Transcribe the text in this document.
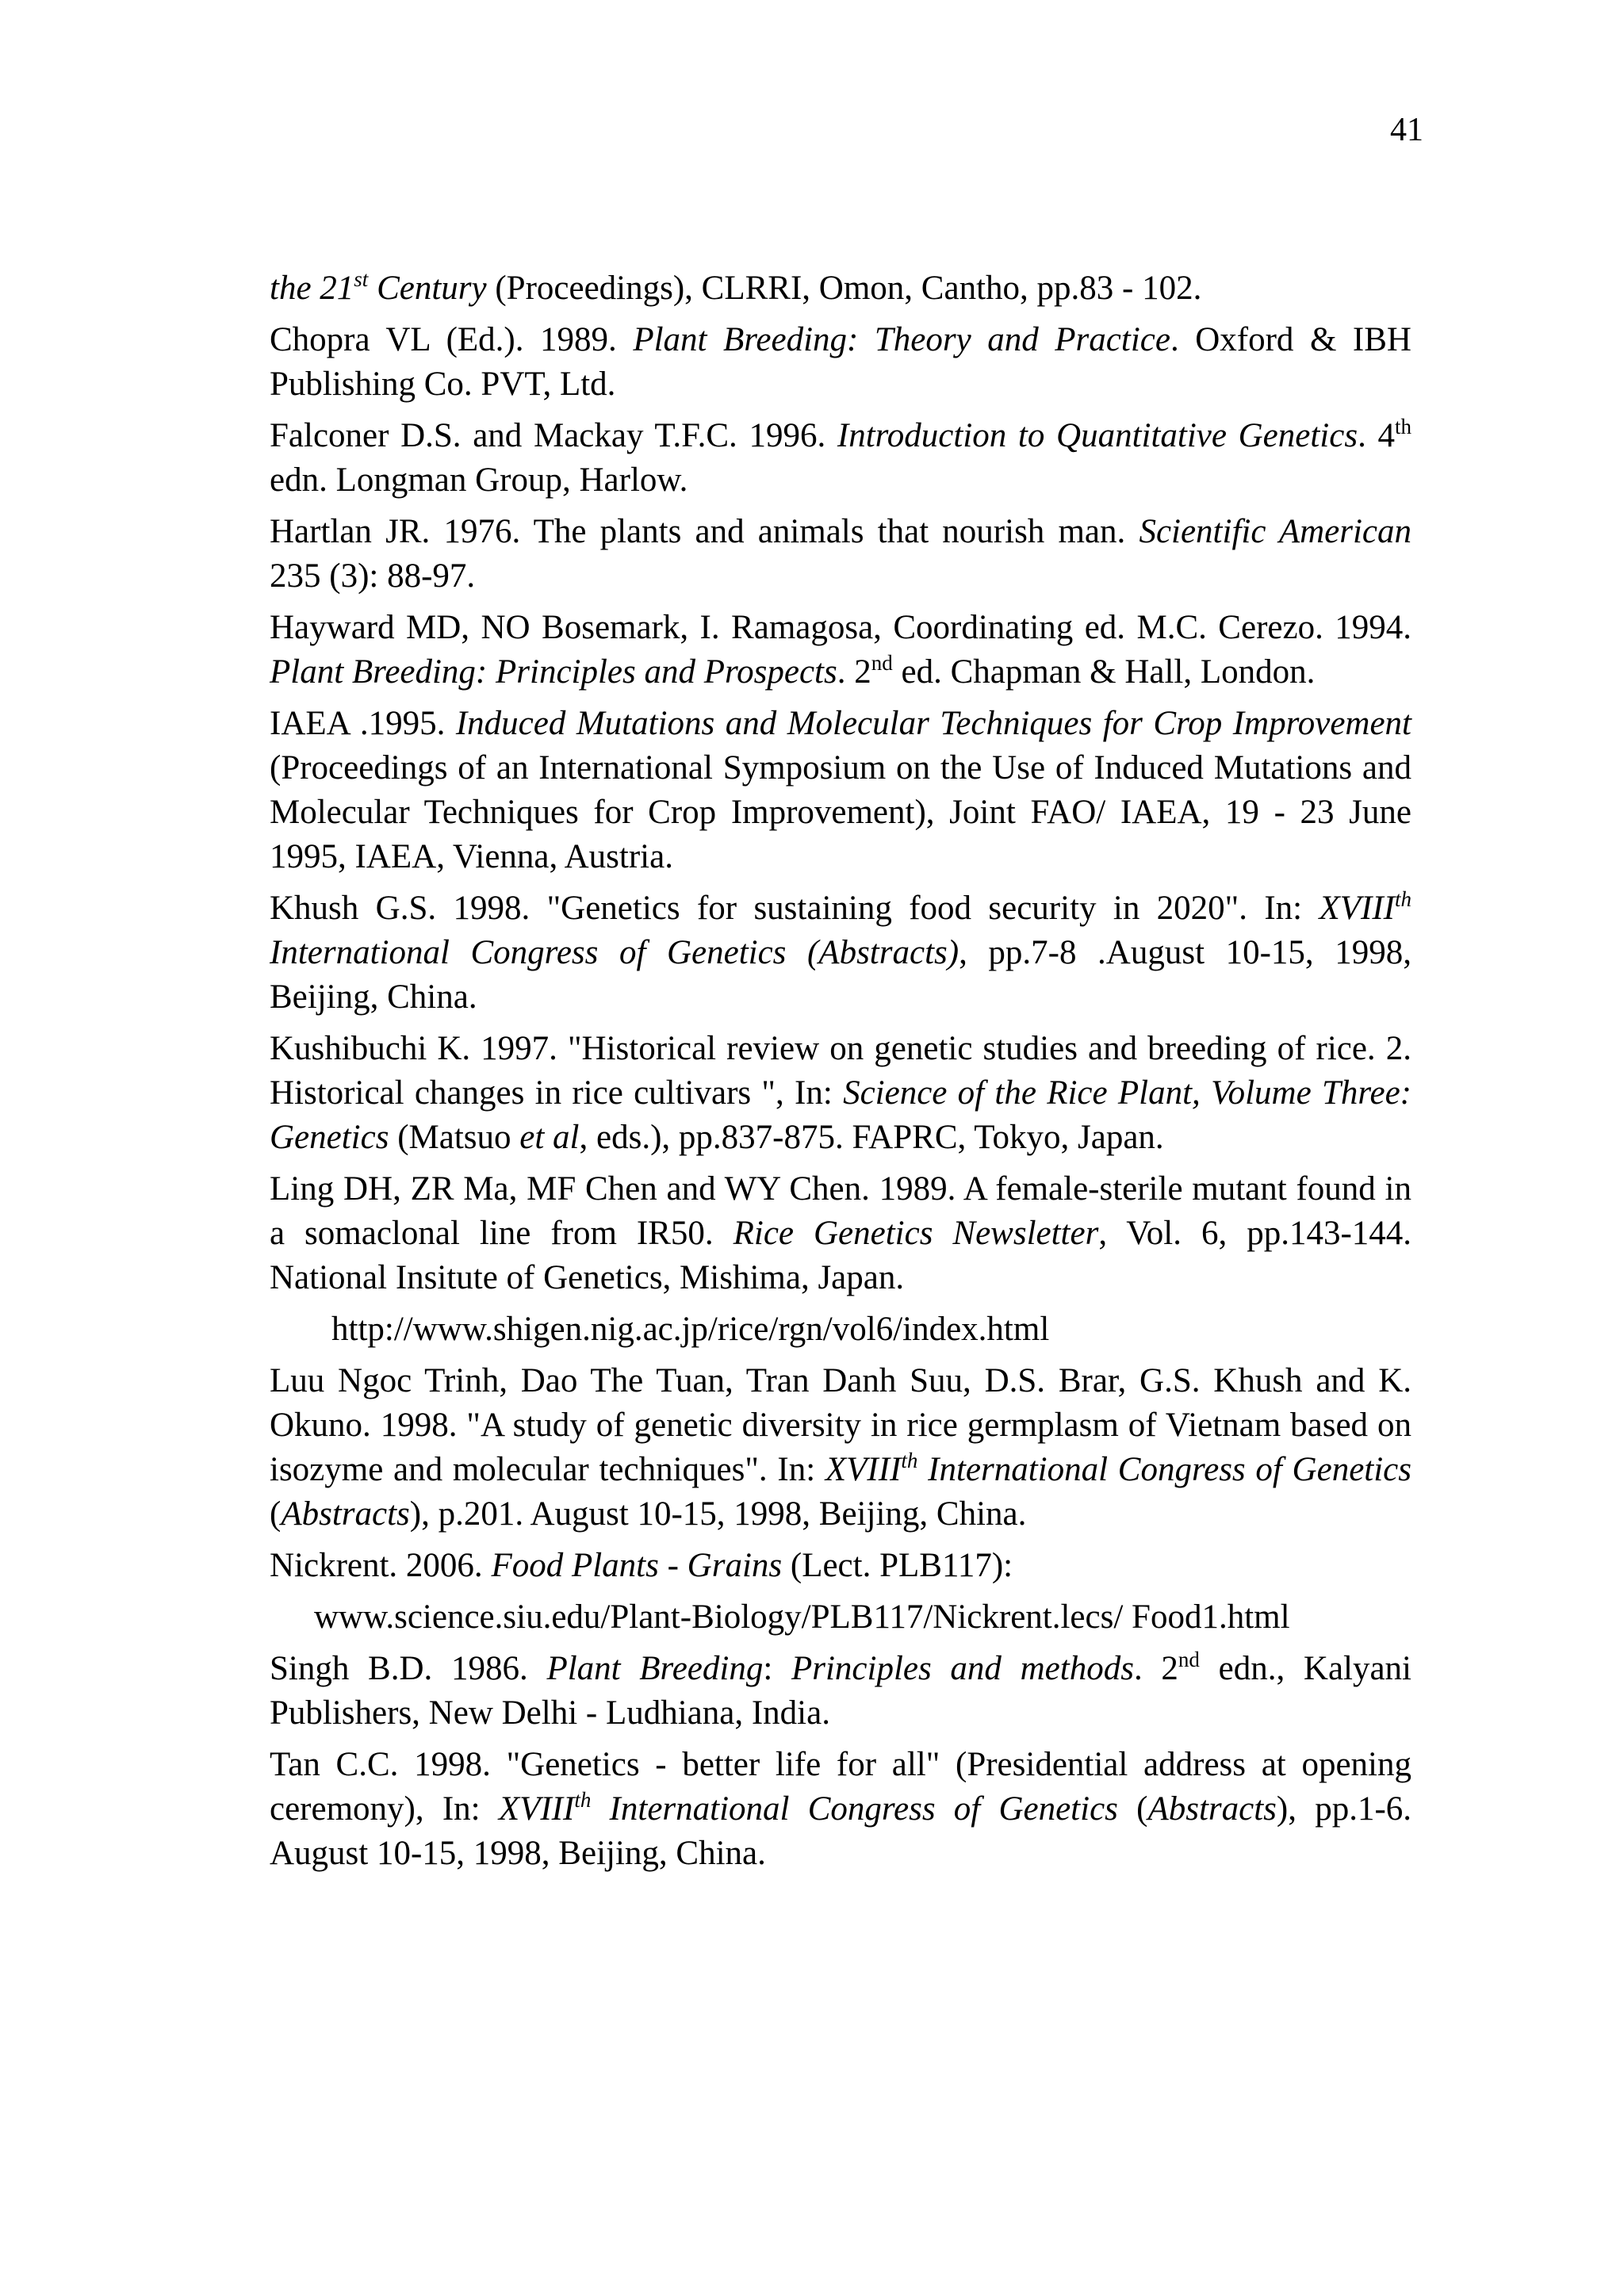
41

the 21st Century (Proceedings), CLRRI, Omon, Cantho, pp.83 - 102.

Chopra VL (Ed.). 1989. Plant Breeding: Theory and Practice. Oxford & IBH Publishing Co. PVT, Ltd.

Falconer D.S. and Mackay T.F.C. 1996. Introduction to Quantitative Genetics. 4th edn. Longman Group, Harlow.

Hartlan JR. 1976. The plants and animals that nourish man. Scientific American 235 (3): 88-97.

Hayward MD, NO Bosemark, I. Ramagosa, Coordinating ed. M.C. Cerezo. 1994. Plant Breeding: Principles and Prospects. 2nd ed. Chapman & Hall, London.

IAEA .1995. Induced Mutations and Molecular Techniques for Crop Improvement (Proceedings of an International Symposium on the Use of Induced Mutations and Molecular Techniques for Crop Improvement), Joint FAO/ IAEA, 19 - 23 June 1995, IAEA, Vienna, Austria.

Khush G.S. 1998. "Genetics for sustaining food security in 2020". In: XVIIIth International Congress of Genetics (Abstracts), pp.7-8 .August 10-15, 1998, Beijing, China.

Kushibuchi K. 1997. "Historical review on genetic studies and breeding of rice. 2. Historical changes in rice cultivars ", In: Science of the Rice Plant, Volume Three: Genetics (Matsuo et al, eds.), pp.837-875. FAPRC, Tokyo, Japan.

Ling DH, ZR Ma, MF Chen and WY Chen. 1989. A female-sterile mutant found in a somaclonal line from IR50. Rice Genetics Newsletter, Vol. 6, pp.143-144. National Insitute of Genetics, Mishima, Japan.

http://www.shigen.nig.ac.jp/rice/rgn/vol6/index.html

Luu Ngoc Trinh, Dao The Tuan, Tran Danh Suu, D.S. Brar, G.S. Khush and K. Okuno. 1998. "A study of genetic diversity in rice germplasm of Vietnam based on isozyme and molecular techniques". In: XVIIIth International Congress of Genetics (Abstracts), p.201. August 10-15, 1998, Beijing, China.

Nickrent. 2006. Food Plants - Grains (Lect. PLB117):

www.science.siu.edu/Plant-Biology/PLB117/Nickrent.lecs/ Food1.html

Singh B.D. 1986. Plant Breeding: Principles and methods. 2nd edn., Kalyani Publishers, New Delhi - Ludhiana, India.

Tan C.C. 1998. "Genetics - better life for all" (Presidential address at opening ceremony), In: XVIIIth International Congress of Genetics (Abstracts), pp.1-6. August 10-15, 1998, Beijing, China.
